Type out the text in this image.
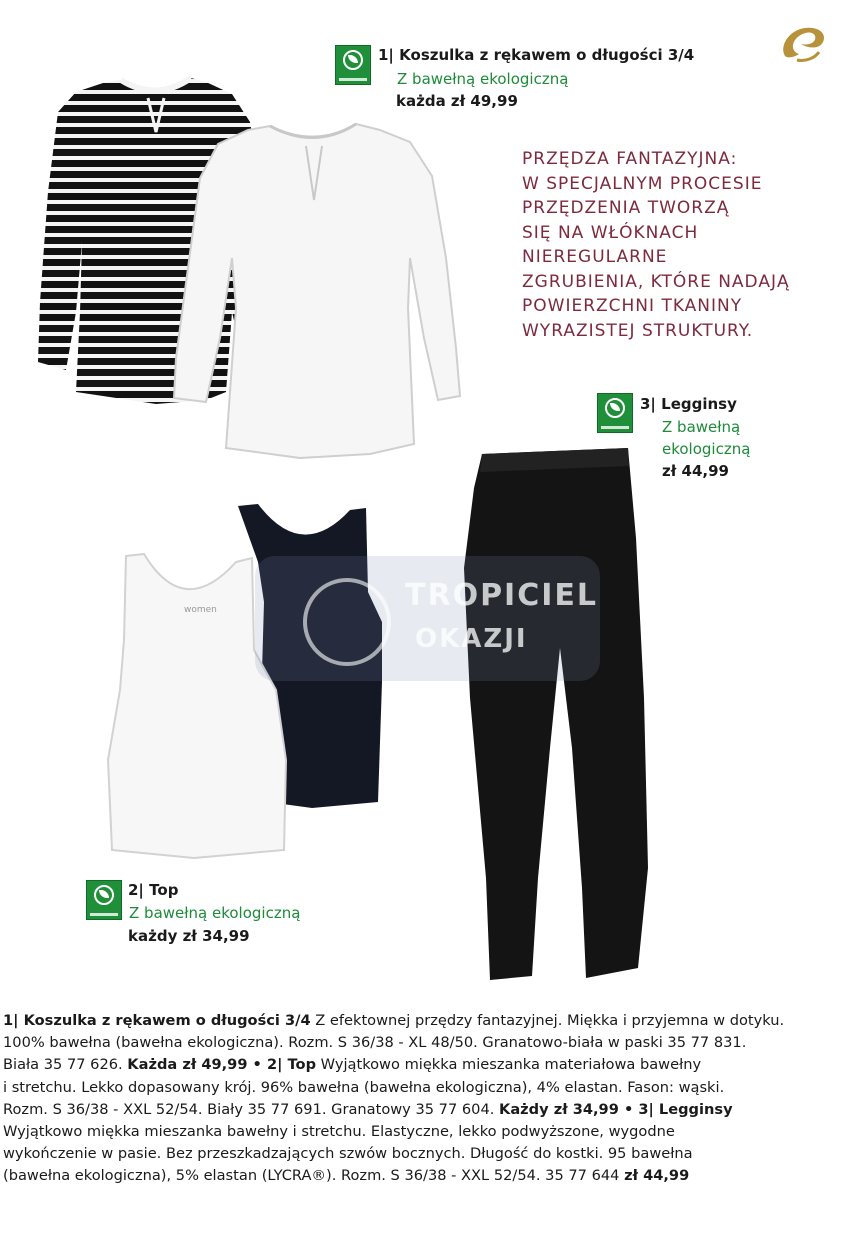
1| Koszulka z rękawem o długości 3/4
Z bawełną ekologiczną
każda zł 49,99
PRZĘDZA FANTAZYJNA:
W SPECJALNYM PROCESIE
PRZĘDZENIA TWORZĄ
SIĘ NA WŁÓKNACH
NIEREGULARNE
ZGRUBIENIA, KTÓRE NADAJĄ
POWIERZCHNI TKANINY
WYRAZISTEJ STRUKTURY.
3| Legginsy
Z bawełną
ekologiczną
zł 44,99
women	TROPICIEL
OKAZJI
2| Top
Z bawełną ekologiczną
każdy zł 34,99
1| Koszulka z rękawem o długości 3/4 Z efektownej przędzy fantazyjnej. Miękka i przyjemna w dotyku.
100% bawełna (bawełna ekologiczna). Rozm. S 36/38 - XL 48/50. Granatowo-biała w paski 35 77 831.
Biała 35 77 626. Każda zł 49,99 • 2| Top Wyjątkowo miękka mieszanka materiałowa bawełny
i stretchu. Lekko dopasowany krój. 96% bawełna (bawełna ekologiczna), 4% elastan. Fason: wąski.
Rozm. S 36/38 - XXL 52/54. Biały 35 77 691. Granatowy 35 77 604. Każdy zł 34,99 • 3| Legginsy
Wyjątkowo miękka mieszanka bawełny i stretchu. Elastyczne, lekko podwyższone, wygodne
wykończenie w pasie. Bez przeszkadzających szwów bocznych. Długość do kostki. 95 bawełna
(bawełna ekologiczna), 5% elastan (LYCRA®). Rozm. S 36/38 - XXL 52/54. 35 77 644 zł 44,99
